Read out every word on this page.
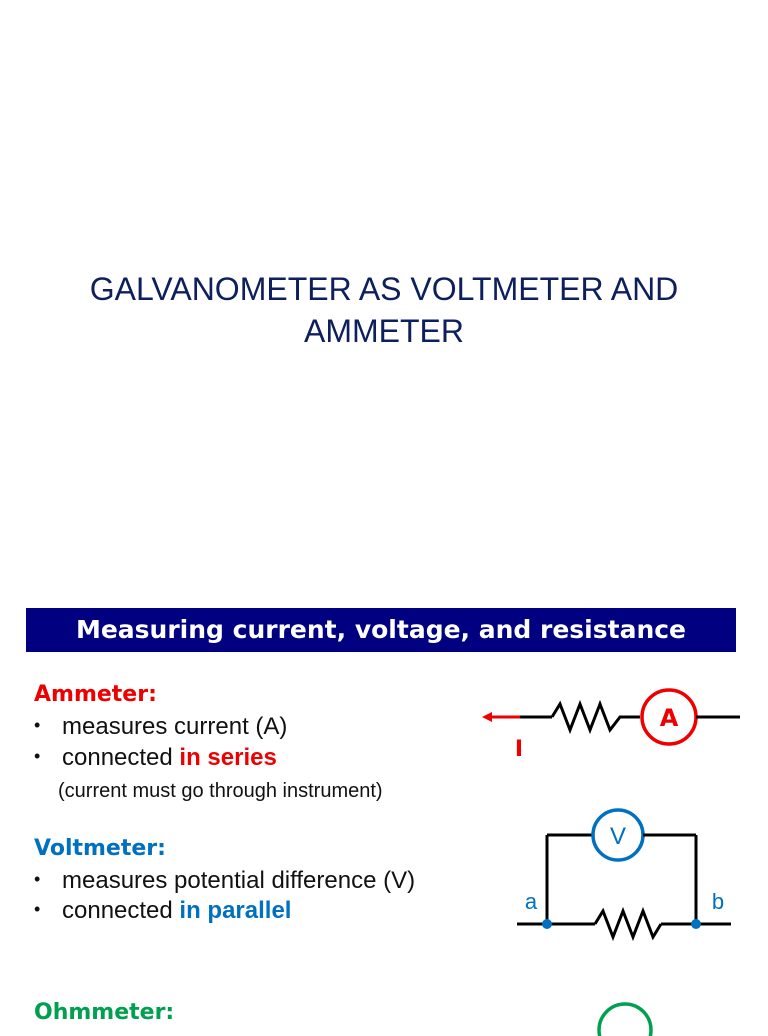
GALVANOMETER AS VOLTMETER AND AMMETER
Measuring current, voltage, and resistance
Ammeter:
• measures current (A)
• connected in series
(current must go through instrument)
A
I
Voltmeter:
• measures potential difference (V)
• connected in parallel
V
a	b
Ohmmeter:
